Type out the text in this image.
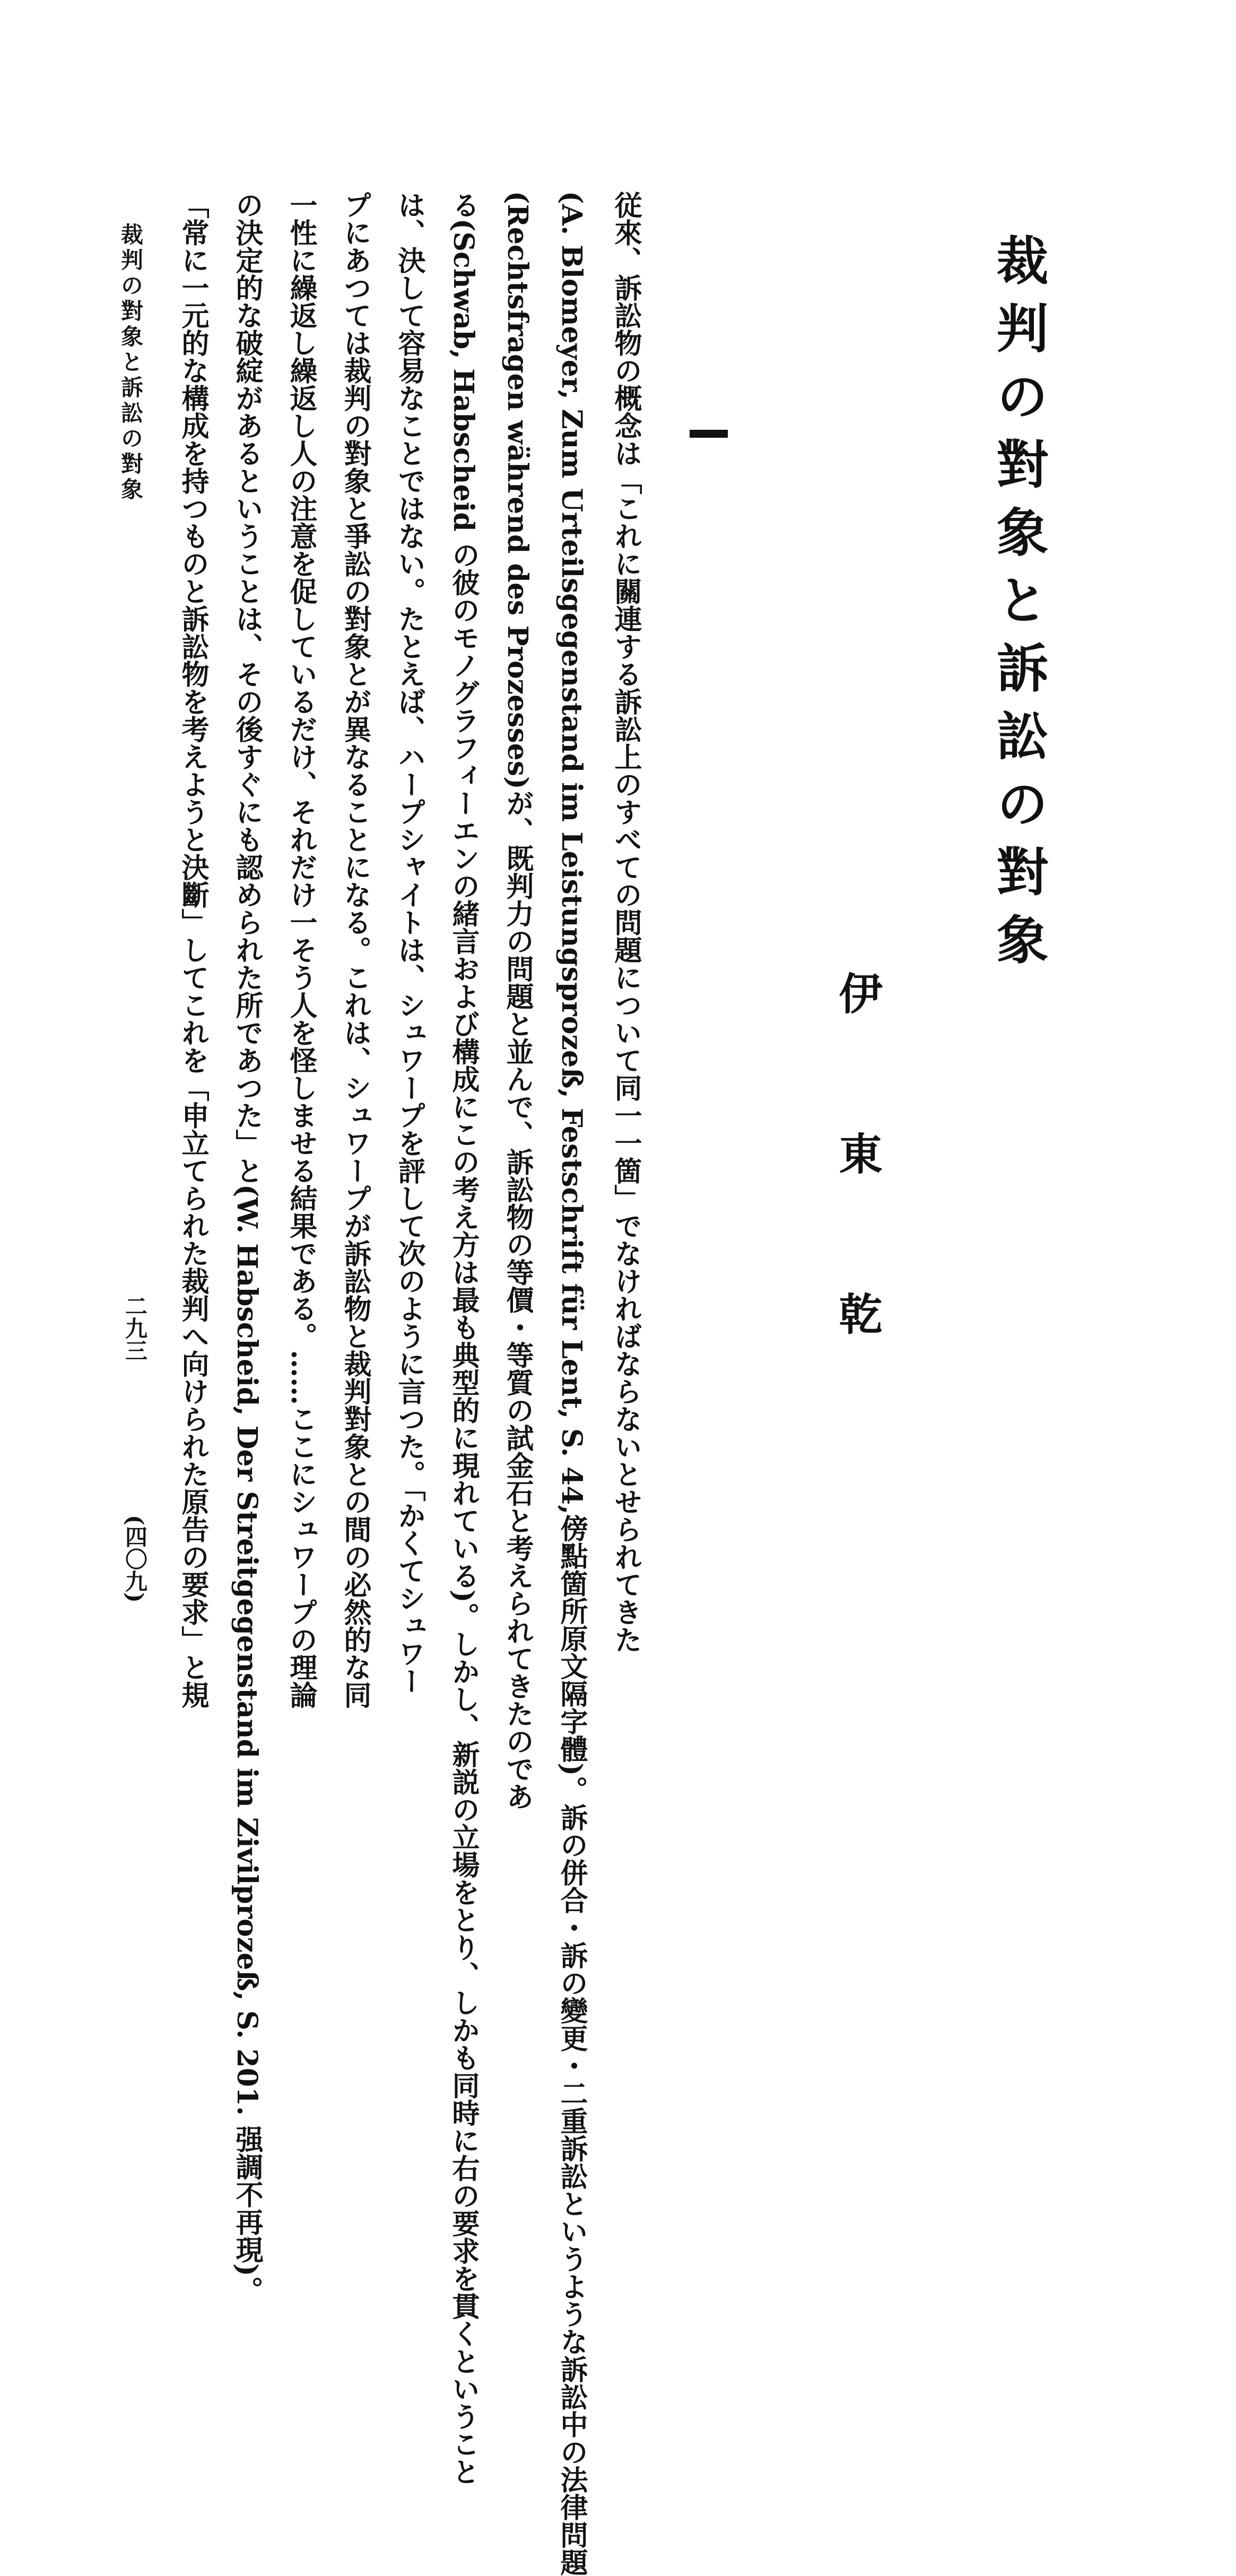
裁判の對象と訴訟の對象
伊東乾
従來、訴訟物の概念は「これに關連する訴訟上のすべての問題について同一一箇」でなければならないとせられてきた
(A. Blomeyer, Zum Urteilsgegenstand im Leistungsprozeß, Festschrift für Lent, S. 44,傍點箇所原文隔字體)。訴の併合・訴の變更・二重訴訟というような訴訟中の法律問題
(Rechtsfragen während des Prozesses)が、既判力の問題と並んで、訴訟物の等價・等質の試金石と考えられてきたのであ
る(Schwab, Habscheid の彼のモノグラフィーエンの緒言および構成にこの考え方は最も典型的に現れている)。しかし、新説の立場をとり、しかも同時に右の要求を貫くということ
は、決して容易なことではない。たとえば、ハープシャイトは、シュワープを評して次のように言つた。「かくてシュワー
プにあつては裁判の對象と爭訟の對象とが異なることになる。これは、シュワープが訴訟物と裁判對象との間の必然的な同
一性に繰返し繰返し人の注意を促しているだけ、それだけ一そう人を怪しませる結果である。……ここにシュワープの理論
の決定的な破綻があるということは、その後すぐにも認められた所であつた」と(W. Habscheid, Der Streitgegenstand im Zivilprozeß, S. 201. 强調不再現)。
「常に一元的な構成を持つものと訴訟物を考えようと決斷」してこれを「申立てられた裁判へ向けられた原告の要求」と規
裁判の對象と訴訟の對象
二九三
(四〇九)
